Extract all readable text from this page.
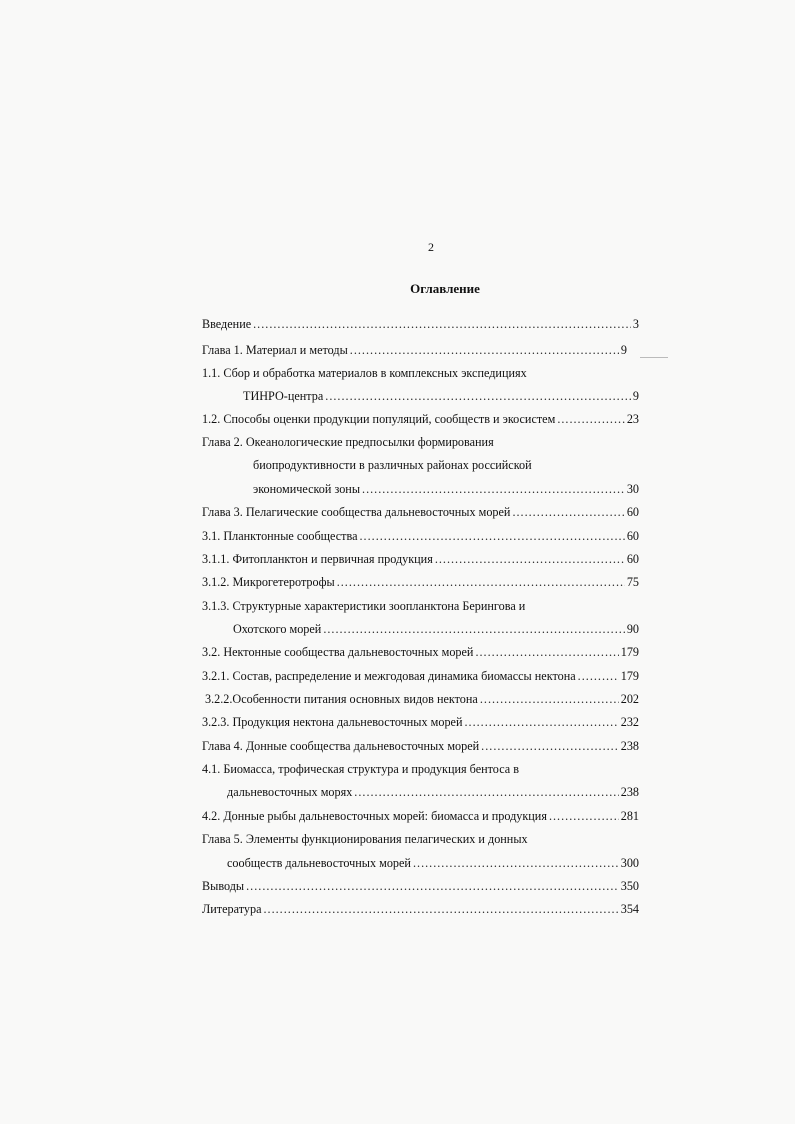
2
Оглавление
Введение .....	3
Глава 1. Материал и методы .....	9
1.1. Сбор и обработка материалов в комплексных экспедициях
ТИНРО-центра .....	9
1.2. Способы оценки продукции популяций, сообществ и экосистем .....	23
Глава 2. Океанологические предпосылки формирования
биопродуктивности в различных районах российской
экономической зоны .....	30
Глава 3. Пелагические сообщества дальневосточных морей .....	60
3.1. Планктонные сообщества .....	60
3.1.1. Фитопланктон и первичная продукция .....	60
3.1.2. Микрогетеротрофы .....	75
3.1.3. Структурные характеристики зоопланктона Берингова и
Охотского морей .....	90
3.2. Нектонные сообщества дальневосточных морей .....	179
3.2.1. Состав, распределение и межгодовая динамика биомассы нектона .....	179
3.2.2.Особенности питания основных видов нектона .....	202
3.2.3. Продукция нектона дальневосточных морей .....	232
Глава 4. Донные сообщества дальневосточных морей .....	238
4.1. Биомасса, трофическая структура и продукция бентоса в
дальневосточных морях .....	238
4.2. Донные рыбы дальневосточных морей: биомасса и продукция .....	281
Глава 5. Элементы функционирования пелагических и донных
сообществ дальневосточных морей .....	300
Выводы .....	350
Литература .....	354
